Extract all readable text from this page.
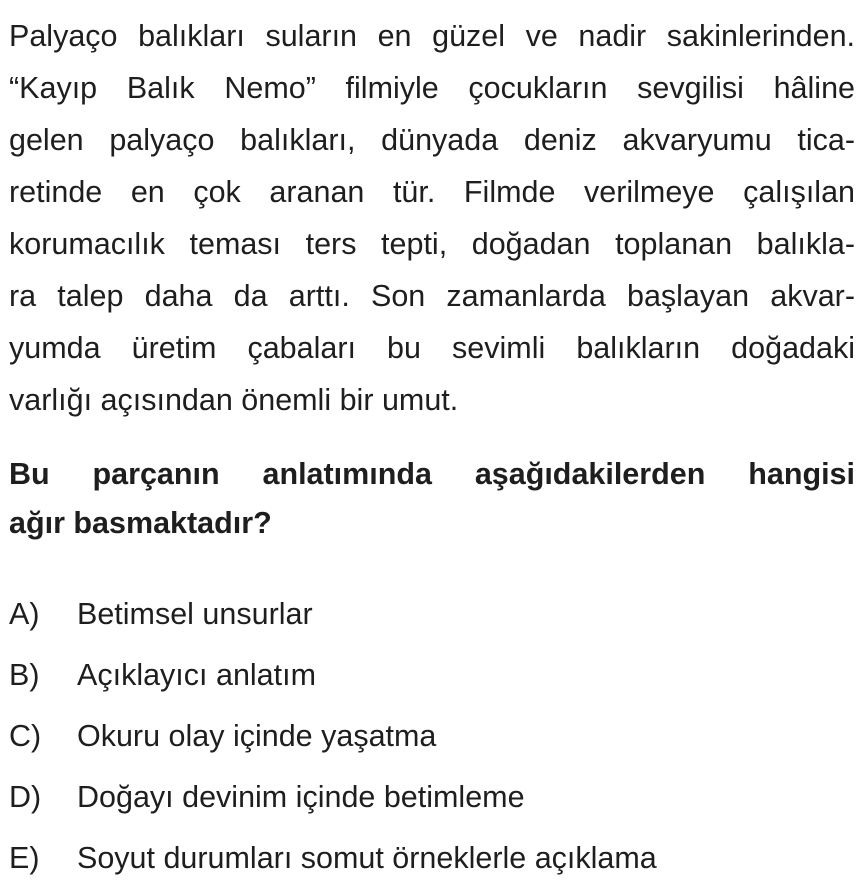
Palyaço balıkları suların en güzel ve nadir sakinlerinden.
“Kayıp Balık Nemo” filmiyle çocukların sevgilisi hâline
gelen palyaço balıkları, dünyada deniz akvaryumu tica-
retinde en çok aranan tür. Filmde verilmeye çalışılan
korumacılık teması ters tepti, doğadan toplanan balıkla-
ra talep daha da arttı. Son zamanlarda başlayan akvar-
yumda üretim çabaları bu sevimli balıkların doğadaki
varlığı açısından önemli bir umut.

Bu parçanın anlatımında aşağıdakilerden hangisi
ağır basmaktadır?

A)	Betimsel unsurlar
B)	Açıklayıcı anlatım
C)	Okuru olay içinde yaşatma
D)	Doğayı devinim içinde betimleme
E)	Soyut durumları somut örneklerle açıklama
